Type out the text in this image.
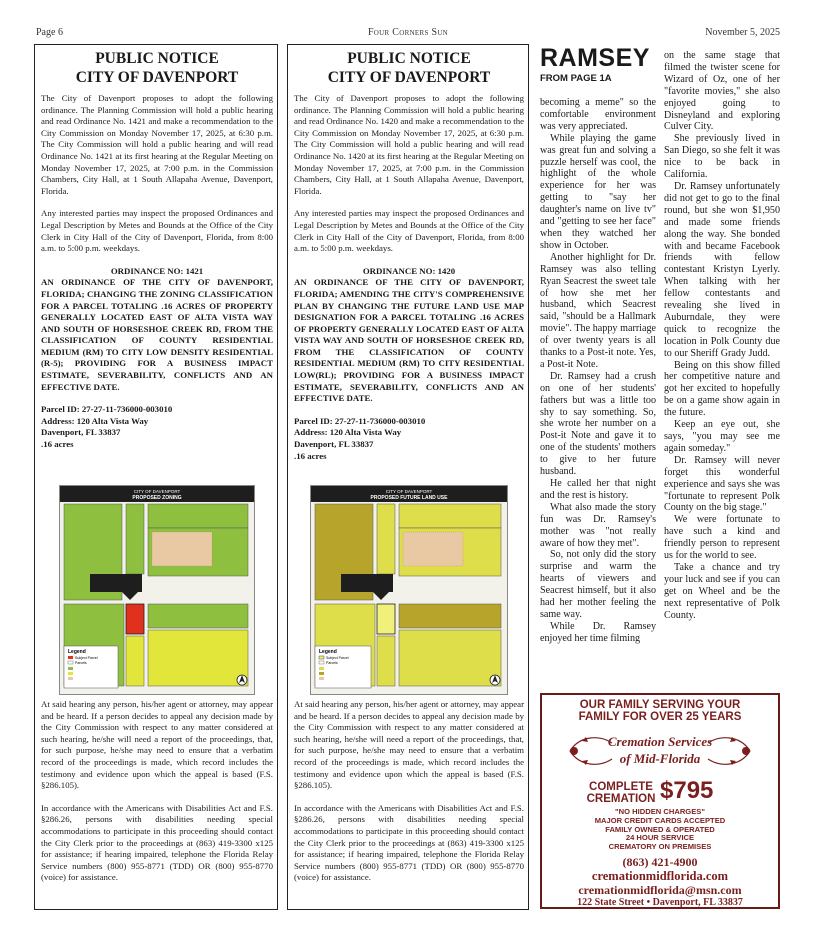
Page 6	Four Corners Sun	November 5, 2025
PUBLIC NOTICE
CITY OF DAVENPORT
The City of Davenport proposes to adopt the following ordinance. The Planning Commission will hold a public hearing and read Ordinance No. 1421 and make a recommendation to the City Commission on Monday November 17, 2025, at 6:30 p.m. The City Commission will hold a public hearing and will read Ordinance No. 1421 at its first hearing at the Regular Meeting on Monday November 17, 2025, at 7:00 p.m. in the Commission Chambers, City Hall, at 1 South Allapaha Avenue, Davenport, Florida.
Any interested parties may inspect the proposed Ordinances and Legal Description by Metes and Bounds at the Office of the City Clerk in City Hall of the City of Davenport, Florida, from 8:00 a.m. to 5:00 p.m. weekdays.
ORDINANCE NO: 1421
AN ORDINANCE OF THE CITY OF DAVENPORT, FLORIDA; CHANGING THE ZONING CLASSIFICATION FOR A PARCEL TOTALING .16 ACRES OF PROPERTY GENERALLY LOCATED EAST OF ALTA VISTA WAY AND SOUTH OF HORSESHOE CREEK RD, FROM THE CLASSIFICATION OF COUNTY RESIDENTIAL MEDIUM (RM) TO CITY LOW DENSITY RESIDENTIAL (R-5); PROVIDING FOR A BUSINESS IMPACT ESTIMATE, SEVERABILITY, CONFLICTS AND AN EFFECTIVE DATE.
Parcel ID: 27-27-11-736000-003010
Address: 120 Alta Vista Way
Davenport, FL 33837
.16 acres
CITY OF DAVENPORT
PROPOSED ZONING
Legend
Subject Parcel
Parcels
At said hearing any person, his/her agent or attorney, may appear and be heard. If a person decides to appeal any decision made by the City Commission with respect to any matter considered at such hearing, he/she will need a report of the proceedings, that, for such purpose, he/she may need to ensure that a verbatim record of the proceedings is made, which record includes the testimony and evidence upon which the appeal is based (F.S. §286.105).
In accordance with the Americans with Disabilities Act and F.S. §286.26, persons with disabilities needing special accommodations to participate in this proceeding should contact the City Clerk prior to the proceedings at (863) 419-3300 x125 for assistance; if hearing impaired, telephone the Florida Relay Service numbers (800) 955-8771 (TDD) OR (800) 955-8770 (voice) for assistance.
PUBLIC NOTICE
CITY OF DAVENPORT
The City of Davenport proposes to adopt the following ordinance. The Planning Commission will hold a public hearing and read Ordinance No. 1420 and make a recommendation to the City Commission on Monday November 17, 2025, at 6:30 p.m. The City Commission will hold a public hearing and will read Ordinance No. 1420 at its first hearing at the Regular Meeting on Monday November 17, 2025, at 7:00 p.m. in the Commission Chambers, City Hall, at 1 South Allapaha Avenue, Davenport, Florida.
Any interested parties may inspect the proposed Ordinances and Legal Description by Metes and Bounds at the Office of the City Clerk in City Hall of the City of Davenport, Florida, from 8:00 a.m. to 5:00 p.m. weekdays.
ORDINANCE NO: 1420
AN ORDINANCE OF THE CITY OF DAVENPORT, FLORIDA; AMENDING THE CITY'S COMPREHENSIVE PLAN BY CHANGING THE FUTURE LAND USE MAP DESIGNATION FOR A PARCEL TOTALING .16 ACRES OF PROPERTY GENERALLY LOCATED EAST OF ALTA VISTA WAY AND SOUTH OF HORSESHOE CREEK RD, FROM THE CLASSIFICATION OF COUNTY RESIDENTIAL MEDIUM (RM) TO CITY RESIDENTIAL LOW(RL); PROVIDING FOR A BUSINESS IMPACT ESTIMATE, SEVERABILITY, CONFLICTS AND AN EFFECTIVE DATE.
Parcel ID: 27-27-11-736000-003010
Address: 120 Alta Vista Way
Davenport, FL 33837
.16 acres
CITY OF DAVENPORT
PROPOSED FUTURE LAND USE
Legend
Subject Parcel
Parcels
At said hearing any person, his/her agent or attorney, may appear and be heard. If a person decides to appeal any decision made by the City Commission with respect to any matter considered at such hearing, he/she will need a report of the proceedings, that, for such purpose, he/she may need to ensure that a verbatim record of the proceedings is made, which record includes the testimony and evidence upon which the appeal is based (F.S. §286.105).
In accordance with the Americans with Disabilities Act and F.S. §286.26, persons with disabilities needing special accommodations to participate in this proceeding should contact the City Clerk prior to the proceedings at (863) 419-3300 x125 for assistance; if hearing impaired, telephone the Florida Relay Service numbers (800) 955-8771 (TDD) OR (800) 955-8770 (voice) for assistance.
RAMSEY
FROM PAGE 1A

becoming a meme" so the comfortable environment was very appreciated.

While playing the game was great fun and solving a puzzle herself was cool, the highlight of the whole experience for her was getting to "say her daughter's name on live tv" and "getting to see her face" when they watched her show in October.

Another highlight for Dr. Ramsey was also telling Ryan Seacrest the sweet tale of how she met her husband, which Seacrest said, "should be a Hallmark movie". The happy marriage of over twenty years is all thanks to a Post-it note. Yes, a Post-it Note.

Dr. Ramsey had a crush on one of her students' fathers but was a little too shy to say something. So, she wrote her number on a Post-it Note and gave it to one of the students' mothers to give to her future husband.

He called her that night and the rest is history.

What also made the story fun was Dr. Ramsey's mother was "not really aware of how they met".

So, not only did the story surprise and warm the hearts of viewers and Seacrest himself, but it also had her mother feeling the same way.

While Dr. Ramsey enjoyed her time filming

on the same stage that filmed the twister scene for Wizard of Oz, one of her "favorite movies," she also enjoyed going to Disneyland and exploring Culver City.

She previously lived in San Diego, so she felt it was nice to be back in California.

Dr. Ramsey unfortunately did not get to go to the final round, but she won $1,950 and made some friends along the way. She bonded with and became Facebook friends with fellow contestant Kristyn Lyerly. When talking with her fellow contestants and revealing she lived in Auburndale, they were quick to recognize the location in Polk County due to our Sheriff Grady Judd.

Being on this show filled her competitive nature and got her excited to hopefully be on a game show again in the future.

Keep an eye out, she says, "you may see me again someday."

Dr. Ramsey will never forget this wonderful experience and says she was "fortunate to represent Polk County on the big stage."

We were fortunate to have such a kind and friendly person to represent us for the world to see.

Take a chance and try your luck and see if you can get on Wheel and be the next representative of Polk County.

OUR FAMILY SERVING YOUR
FAMILY FOR OVER 25 YEARS
Cremation Services
of Mid-Florida
COMPLETE
CREMATION $795
"NO HIDDEN CHARGES"
MAJOR CREDIT CARDS ACCEPTED
FAMILY OWNED & OPERATED
24 HOUR SERVICE
CREMATORY ON PREMISES
(863) 421-4900
cremationmidflorida.com
cremationmidflorida@msn.com
122 State Street • Davenport, FL 33837
